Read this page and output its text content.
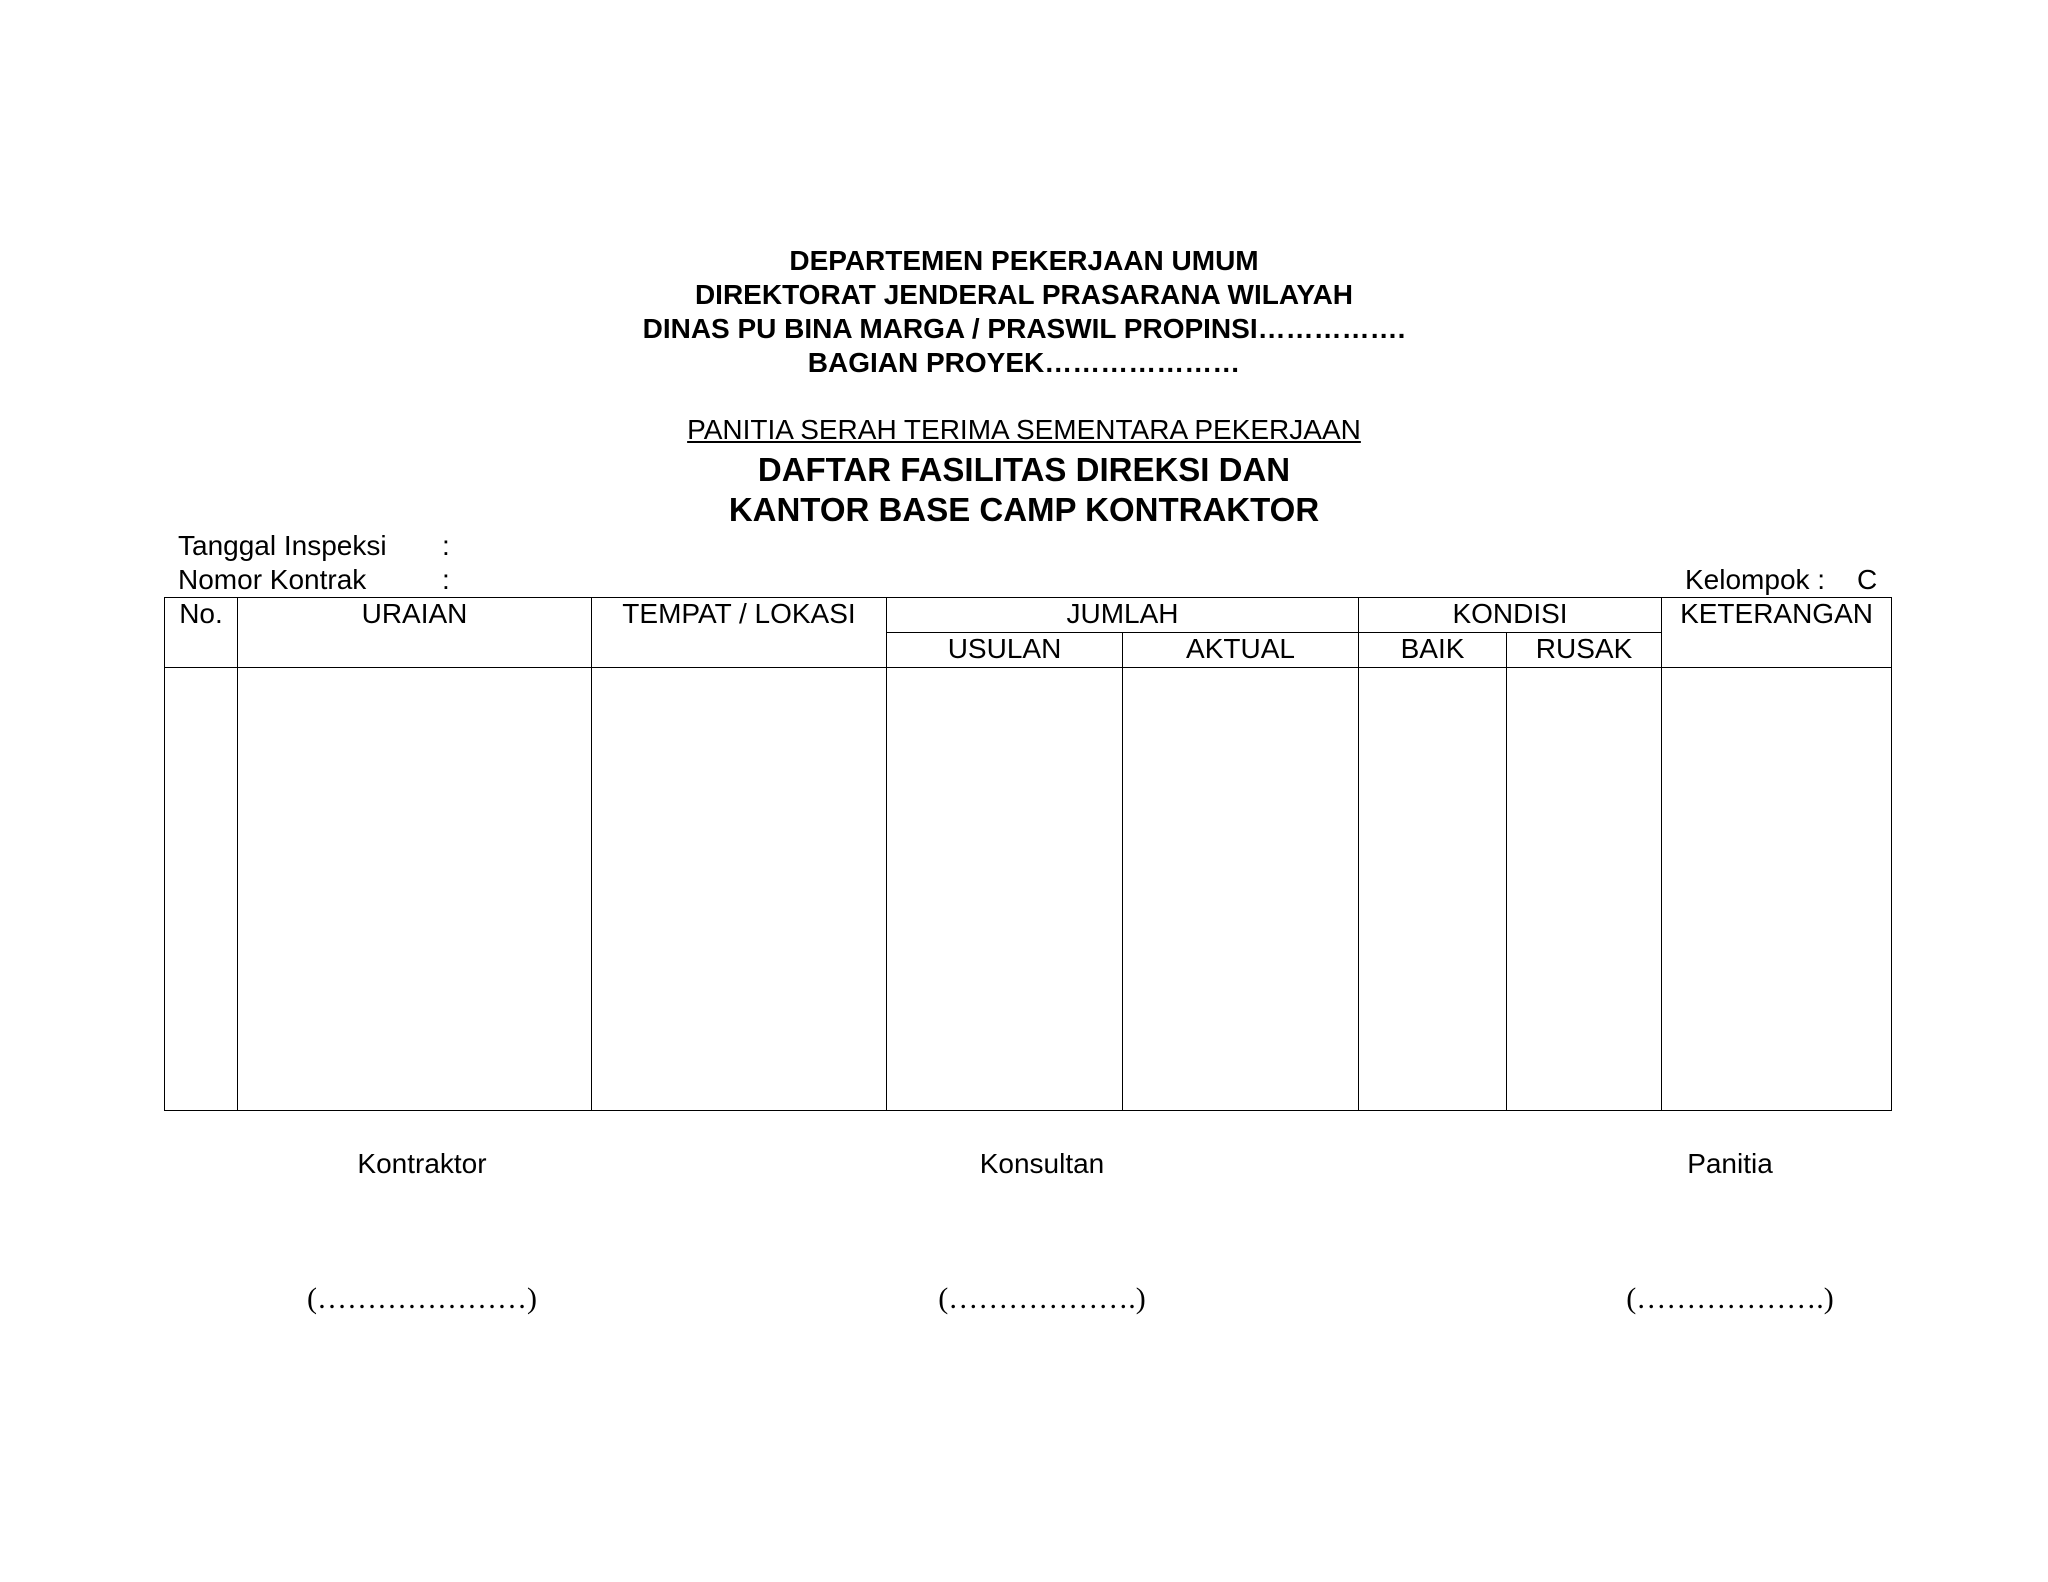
DEPARTEMEN PEKERJAAN UMUM
DIREKTORAT JENDERAL PRASARANA WILAYAH
DINAS PU BINA MARGA / PRASWIL PROPINSI…………….
BAGIAN PROYEK…………………
PANITIA SERAH TERIMA SEMENTARA PEKERJAAN
DAFTAR FASILITAS DIREKSI DAN
KANTOR BASE CAMP KONTRAKTOR
Tanggal Inspeksi :
Nomor Kontrak	:	Kelompok : C
No.	URAIAN	TEMPAT / LOKASI	JUMLAH		KONDISI		KETERANGAN
			USULAN	AKTUAL	BAIK	RUSAK	

Kontraktor	Konsultan	Panitia
(…………………)	(……………….)	(……………….)
